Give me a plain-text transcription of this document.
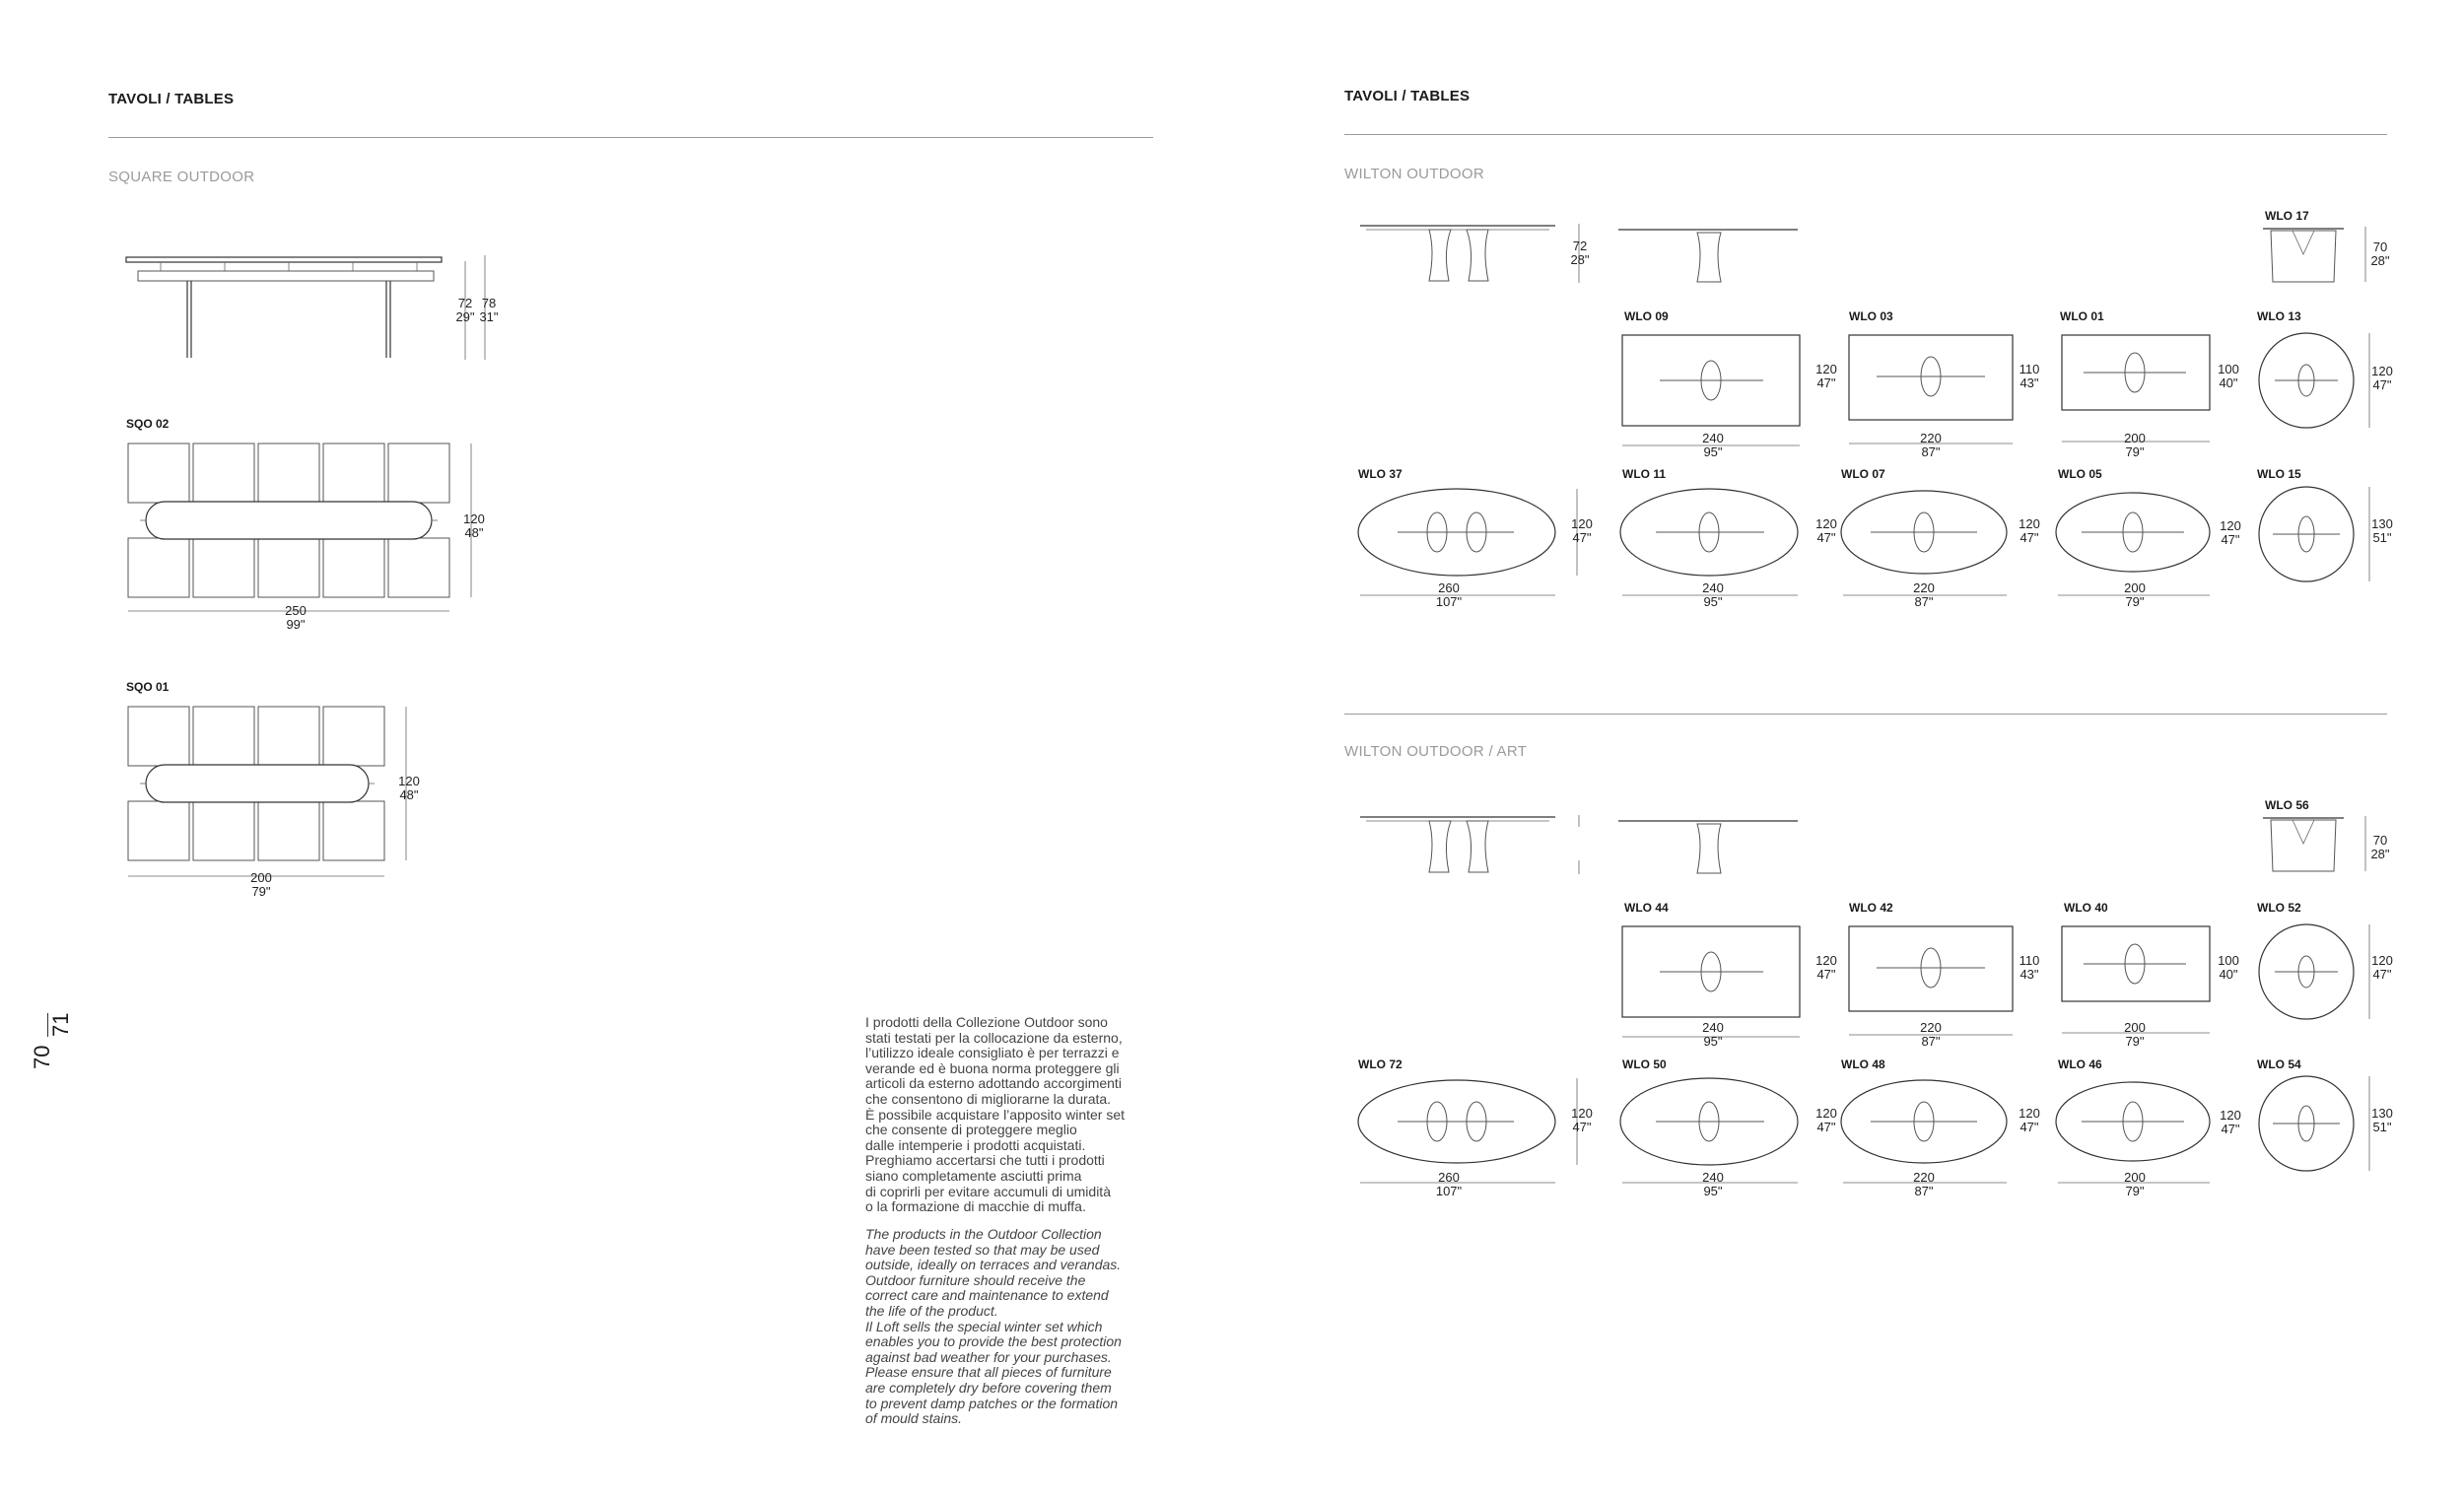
TAVOLI / TABLES
SQUARE OUTDOOR
72
29"
78
31"
SQO 02
120
48"
250
99"
SQO 01
120
48"
200
79"
70
71	I prodotti della Collezione Outdoor sono
stati testati per la collocazione da esterno,
l’utilizzo ideale consigliato è per terrazzi e
verande ed è buona norma proteggere gli
articoli da esterno adottando accorgimenti
che consentono di migliorarne la durata.
È possibile acquistare l’apposito winter set
che consente di proteggere meglio
dalle intemperie i prodotti acquistati.
Preghiamo accertarsi che tutti i prodotti
siano completamente asciutti prima
di coprirli per evitare accumuli di umidità
o la formazione di macchie di muffa.
The products in the Outdoor Collection
have been tested so that may be used
outside, ideally on terraces and verandas.
Outdoor furniture should receive the
correct care and maintenance to extend
the life of the product.
Il Loft sells the special winter set which
enables you to provide the best protection
against bad weather for your purchases.
Please ensure that all pieces of furniture
are completely dry before covering them
to prevent damp patches or the formation
of mould stains.
TAVOLI / TABLES
WILTON OUTDOOR
72
28"
WLO 17
70
28"
WLO 09
240
95"
120
47"
WLO 03
220
87"
110
43"
WLO 01
200
79"
100
40"
WLO 13
120
47"
WLO 37
260
107"
120
47"
WLO 11
240
95"
120
47"
WLO 07
220
87"
120
47"
WLO 05
200
79"
120
47"
WLO 15
130
51"
WILTON OUTDOOR / ART
WLO 56
70
28"
WLO 44
240
95"
120
47"
WLO 42
220
87"
110
43"
WLO 40
200
79"
100
40"
WLO 52
120
47"
WLO 72
260
107"
120
47"
WLO 50
240
95"
120
47"
WLO 48
220
87"
120
47"
WLO 46
200
79"
120
47"
WLO 54
130
51"
